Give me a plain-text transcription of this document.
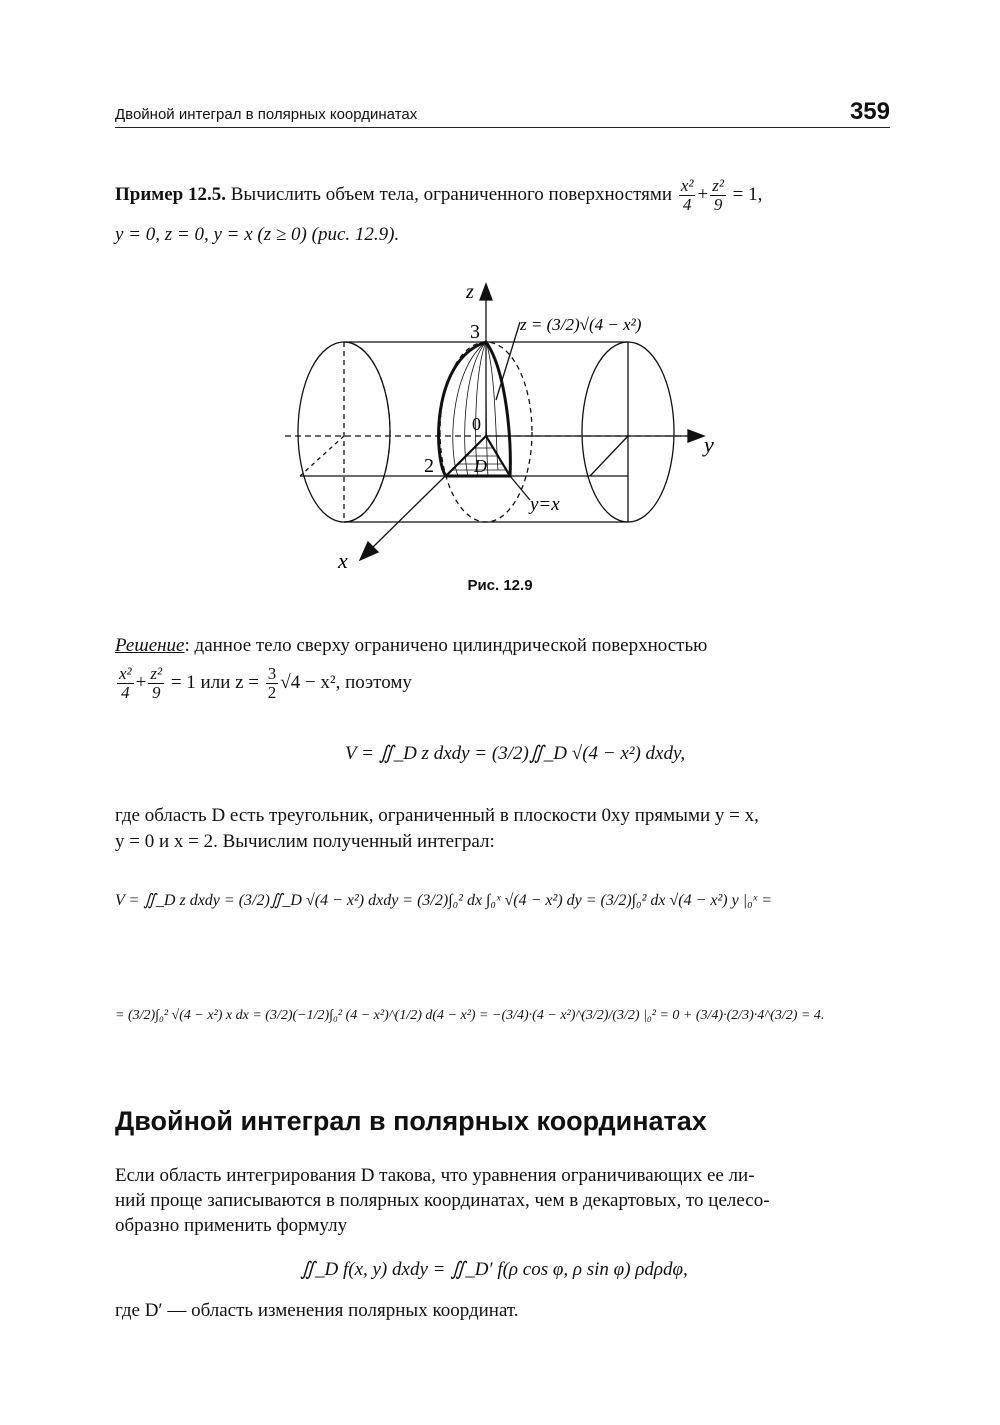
Двойной интеграл в полярных координатах	359
Пример 12.5. Вычислить объем тела, ограниченного поверхностями $\frac{\text{x²}}{4} + \frac{\text{z²}}{9} = 1$,
y = 0, z = 0, y = x (z ≥ 0) (рис. 12.9).
z
y
x
3
2
0
D
y=x
z = (3/2)√(4 − x²)
Рис. 12.9
Решение: данное тело сверху ограничено цилиндрической поверхностью
$\frac{\text{x²}}{4} + \frac{\text{z²}}{9} = 1$ или $z = \frac{3}{2} √4 - x^2$, поэтому
V = ∬_D z dxdy = (3/2)∬_D √(4 − x²) dxdy,
где область D есть треугольник, ограниченный в плоскости 0xy прямыми y = x,
y = 0 и x = 2. Вычислим полученный интеграл:
V = ∬_D z dxdy = (3/2)∬_D √(4 − x²) dxdy = (3/2)∫₀² dx ∫₀ˣ √(4 − x²) dy = (3/2)∫₀² dx √(4 − x²) y |₀ˣ =
= (3/2)∫₀² √(4 − x²) x dx = (3/2)(−1/2)∫₀² (4 − x²)^(1/2) d(4 − x²) = −(3/4)·(4 − x²)^(3/2)/(3/2) |₀² = 0 + (3/4)·(2/3)·4^(3/2) = 4.
Двойной интеграл в полярных координатах
Если область интегрирования D такова, что уравнения ограничивающих ее ли-
ний проще записываются в полярных координатах, чем в декартовых, то целесо-
образно применить формулу
∬_D f(x, y) dxdy = ∬_D′ f(ρ cos φ, ρ sin φ) ρdρdφ,
где D′ — область изменения полярных координат.
